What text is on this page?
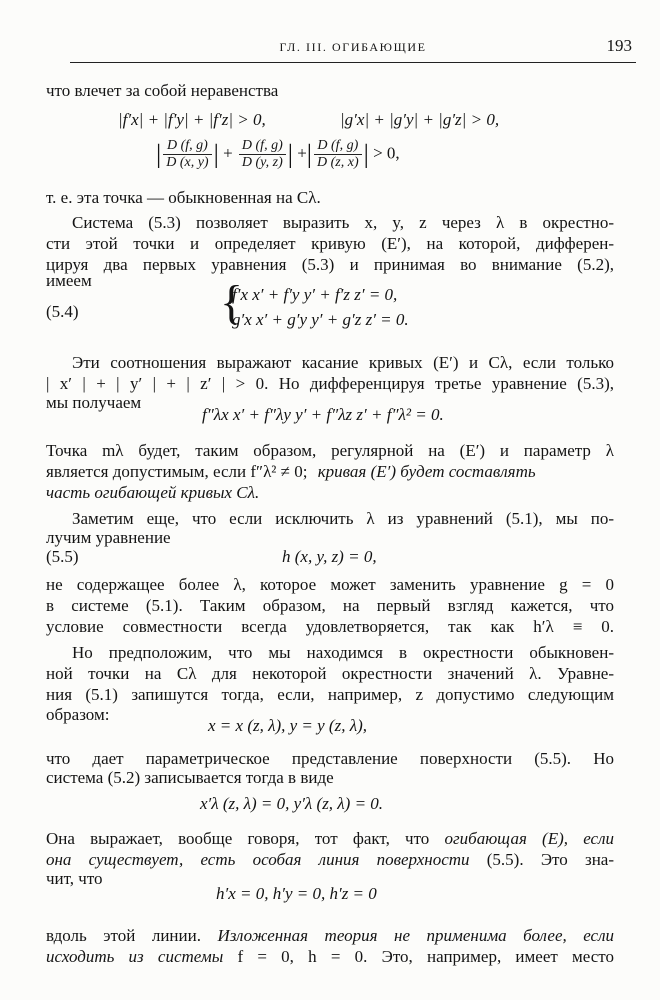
ГЛ. III. ОГИБАЮЩИЕ	193
что влечет за собой неравенства
|f′x| + |f′y| + |f′z| > 0,	|g′x| + |g′y| + |g′z| > 0,
| $\frac{D (f, g)}{D (x, y)}$ | + $\frac{D (f, g)}{D (y, z)}$ | +| $\frac{D (f, g)}{D (z, x)}$ | > 0,
т. е. эта точка — обыкновенная на Cλ.
Система (5.3) позволяет выразить x, y, z через λ в окрестно-
сти этой точки и определяет кривую (E′), на которой, дифферен-
цируя два первых уравнения (5.3) и принимая во внимание (5.2),
имеем
(5.4)	{
f′x x′ + f′y y′ + f′z z′ = 0,
g′x x′ + g′y y′ + g′z z′ = 0.
Эти соотношения выражают касание кривых (E′) и Cλ, если только
| x′ | + | y′ | + | z′ | > 0. Но дифференцируя третье уравнение (5.3),
мы получаем
f″λx x′ + f″λy y′ + f″λz z′ + f″λ² = 0.
Точка mλ будет, таким образом, регулярной на (E′) и параметр λ
является допустимым, если f″λ² ≠ 0; кривая (E′) будет составлять
часть огибающей кривых Cλ.
Заметим еще, что если исключить λ из уравнений (5.1), мы по-
лучим уравнение
(5.5)	h (x, y, z) = 0,
не содержащее более λ, которое может заменить уравнение g = 0
в системе (5.1). Таким образом, на первый взгляд кажется, что
условие совместности всегда удовлетворяется, так как h′λ ≡ 0.
Но предположим, что мы находимся в окрестности обыкновен-
ной точки на Cλ для некоторой окрестности значений λ. Уравне-
ния (5.1) запишутся тогда, если, например, z допустимо следующим
образом:
x = x (z, λ), y = y (z, λ),
что дает параметрическое представление поверхности (5.5). Но
система (5.2) записывается тогда в виде
x′λ (z, λ) = 0, y′λ (z, λ) = 0.
Она выражает, вообще говоря, тот факт, что огибающая (E), если
она существует, есть особая линия поверхности (5.5). Это зна-
чит, что
h′x = 0, h′y = 0, h′z = 0
вдоль этой линии. Изложенная теория не применима более, если
исходить из системы f = 0, h = 0. Это, например, имеет место
